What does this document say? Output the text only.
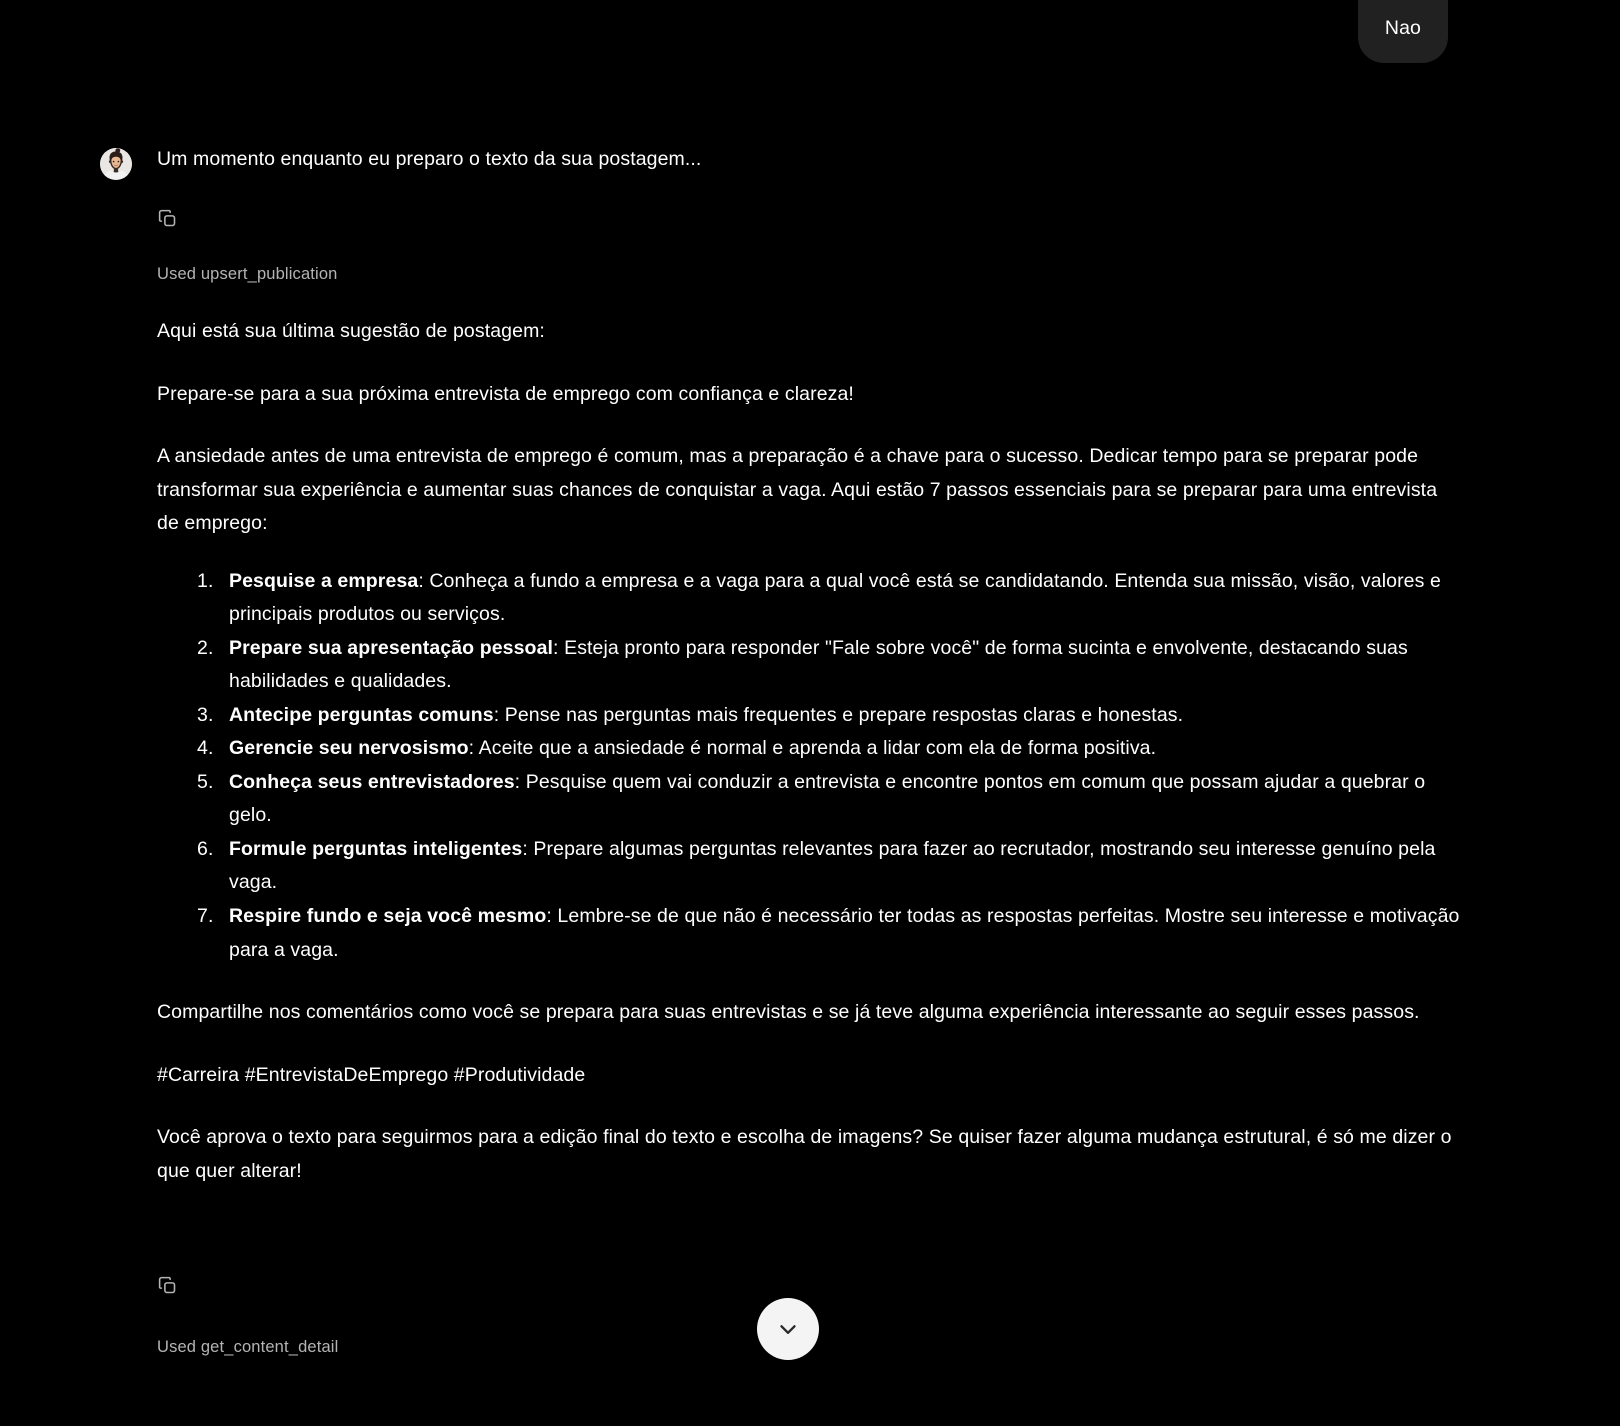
Nao
Um momento enquanto eu preparo o texto da sua postagem...
Used upsert_publication

Aqui está sua última sugestão de postagem:

Prepare-se para a sua próxima entrevista de emprego com confiança e clareza!

A ansiedade antes de uma entrevista de emprego é comum, mas a preparação é a chave para o sucesso. Dedicar tempo para se preparar pode transformar sua experiência e aumentar suas chances de conquistar a vaga. Aqui estão 7 passos essenciais para se preparar para uma entrevista de emprego:

1. Pesquise a empresa: Conheça a fundo a empresa e a vaga para a qual você está se candidatando. Entenda sua missão, visão, valores e principais produtos ou serviços.
2. Prepare sua apresentação pessoal: Esteja pronto para responder "Fale sobre você" de forma sucinta e envolvente, destacando suas habilidades e qualidades.
3. Antecipe perguntas comuns: Pense nas perguntas mais frequentes e prepare respostas claras e honestas.
4. Gerencie seu nervosismo: Aceite que a ansiedade é normal e aprenda a lidar com ela de forma positiva.
5. Conheça seus entrevistadores: Pesquise quem vai conduzir a entrevista e encontre pontos em comum que possam ajudar a quebrar o gelo.
6. Formule perguntas inteligentes: Prepare algumas perguntas relevantes para fazer ao recrutador, mostrando seu interesse genuíno pela vaga.
7. Respire fundo e seja você mesmo: Lembre-se de que não é necessário ter todas as respostas perfeitas. Mostre seu interesse e motivação para a vaga.

Compartilhe nos comentários como você se prepara para suas entrevistas e se já teve alguma experiência interessante ao seguir esses passos.

#Carreira #EntrevistaDeEmprego #Produtividade

Você aprova o texto para seguirmos para a edição final do texto e escolha de imagens? Se quiser fazer alguma mudança estrutural, é só me dizer o que quer alterar!

Used get_content_detail
